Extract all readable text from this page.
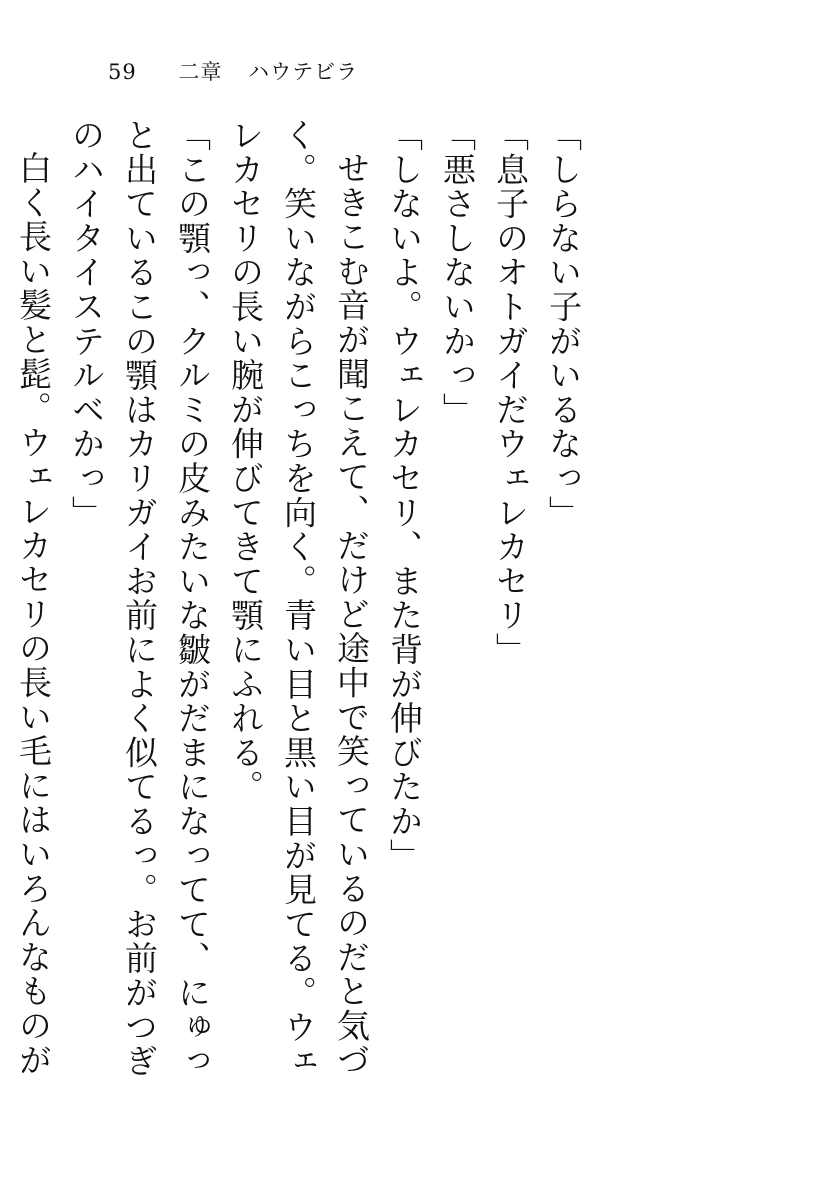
59 二章 ハウテビラ

「しらない子がいるなっ」

「息子のオトガイだウェレカセリ」

「悪さしないかっ」

「しないよ。ウェレカセリ、また背が伸びたか」

せきこむ音が聞こえて、だけど途中で笑っているのだと気づく。笑いながらこっちを向く。青い目と黒い目が見てる。ウェレカセリの長い腕が伸びてきて顎にふれる。

「この顎っ、クルミの皮みたいな皺がだまになってて、にゅっと出ているこの顎はカリガイお前によく似てるっ。お前がつぎのハイタイステルベかっ」

白く長い髪と髭。ウェレカセリの長い毛にはいろんなものが
